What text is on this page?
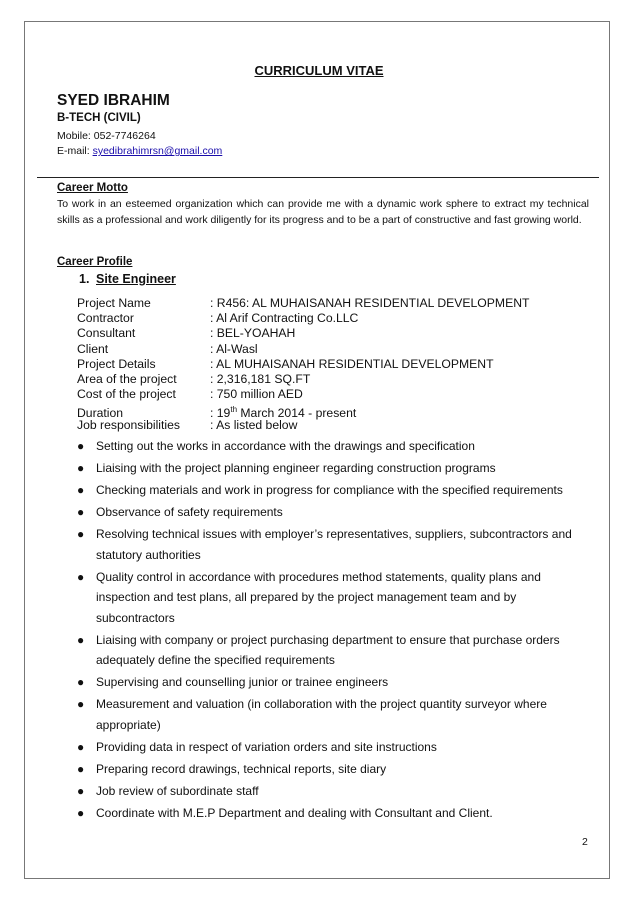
CURRICULUM VITAE
SYED IBRAHIM
B-TECH (CIVIL)
Mobile: 052-7746264
E-mail: syedibrahimrsn@gmail.com
Career Motto
To work in an esteemed organization which can provide me with a dynamic work sphere to extract my technical skills as a professional and work diligently for its progress and to be a part of constructive and fast growing world.
Career Profile
1. Site Engineer
Project Name	: R456: AL MUHAISANAH RESIDENTIAL DEVELOPMENT
Contractor	: Al Arif Contracting Co.LLC
Consultant	: BEL-YOAHAH
Client	: Al-Wasl
Project Details	: AL MUHAISANAH RESIDENTIAL DEVELOPMENT
Area of the project	: 2,316,181 SQ.FT
Cost of the project	: 750 million AED
Duration	: 19th March 2014 - present
Job responsibilities : As listed below
● Setting out the works in accordance with the drawings and specification
● Liaising with the project planning engineer regarding construction programs
● Checking materials and work in progress for compliance with the specified requirements
● Observance of safety requirements
● Resolving technical issues with employer’s representatives, suppliers, subcontractors and statutory authorities
● Quality control in accordance with procedures method statements, quality plans and inspection and test plans, all prepared by the project management team and by subcontractors
● Liaising with company or project purchasing department to ensure that purchase orders adequately define the specified requirements
● Supervising and counselling junior or trainee engineers
● Measurement and valuation (in collaboration with the project quantity surveyor where appropriate)
● Providing data in respect of variation orders and site instructions
● Preparing record drawings, technical reports, site diary
● Job review of subordinate staff
● Coordinate with M.E.P Department and dealing with Consultant and Client.
2
